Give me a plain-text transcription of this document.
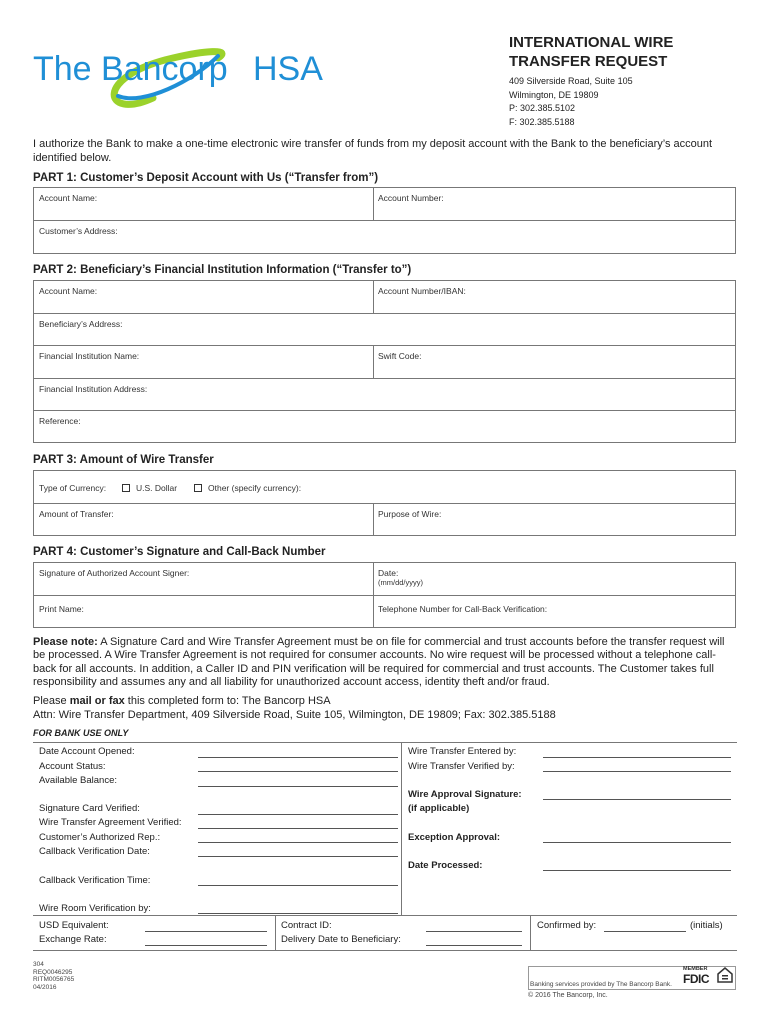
The Bancorp HSA
INTERNATIONAL WIRE
TRANSFER REQUEST
409 Silverside Road, Suite 105
Wilmington, DE 19809
P: 302.385.5102
F: 302.385.5188
I authorize the Bank to make a one-time electronic wire transfer of funds from my deposit account with the Bank to the beneficiary’s account identified below.
PART 1: Customer’s Deposit Account with Us (“Transfer from”)
Account Name:	Account Number:
Customer’s Address:
PART 2: Beneficiary’s Financial Institution Information (“Transfer to”)
Account Name:	Account Number/IBAN:
Beneficiary’s Address:
Financial Institution Name:	Swift Code:
Financial Institution Address:
Reference:
PART 3: Amount of Wire Transfer
Type of Currency:	U.S. Dollar	Other (specify currency):
Amount of Transfer:	Purpose of Wire:
PART 4: Customer’s Signature and Call-Back Number
Signature of Authorized Account Signer:	Date:
(mm/dd/yyyy)
Print Name:	Telephone Number for Call-Back Verification:
Please note: A Signature Card and Wire Transfer Agreement must be on file for commercial and trust accounts before the transfer request will be processed. A Wire Transfer Agreement is not required for consumer accounts. No wire request will be processed without a telephone call-back for all accounts. In addition, a Caller ID and PIN verification will be required for commercial and trust accounts. The Customer takes full responsibility and assumes any and all liability for unauthorized account access, identity theft and/or fraud.
Please mail or fax this completed form to: The Bancorp HSA
Attn: Wire Transfer Department, 409 Silverside Road, Suite 105, Wilmington, DE 19809; Fax: 302.385.5188
FOR BANK USE ONLY
Date Account Opened:
Account Status:
Available Balance:
Signature Card Verified:
Wire Transfer Agreement Verified:
Customer’s Authorized Rep.:
Callback Verification Date:
Callback Verification Time:
Wire Room Verification by:
Wire Transfer Entered by:
Wire Transfer Verified by:
Wire Approval Signature:
(if applicable)
Exception Approval:
Date Processed:
USD Equivalent:
Exchange Rate:
Contract ID:
Delivery Date to Beneficiary:
Confirmed by:	(initials)
304
REQ0046295
RITM0056765
04/2016
MEMBER
FDIC
Banking services provided by The Bancorp Bank.
© 2016 The Bancorp, Inc.
